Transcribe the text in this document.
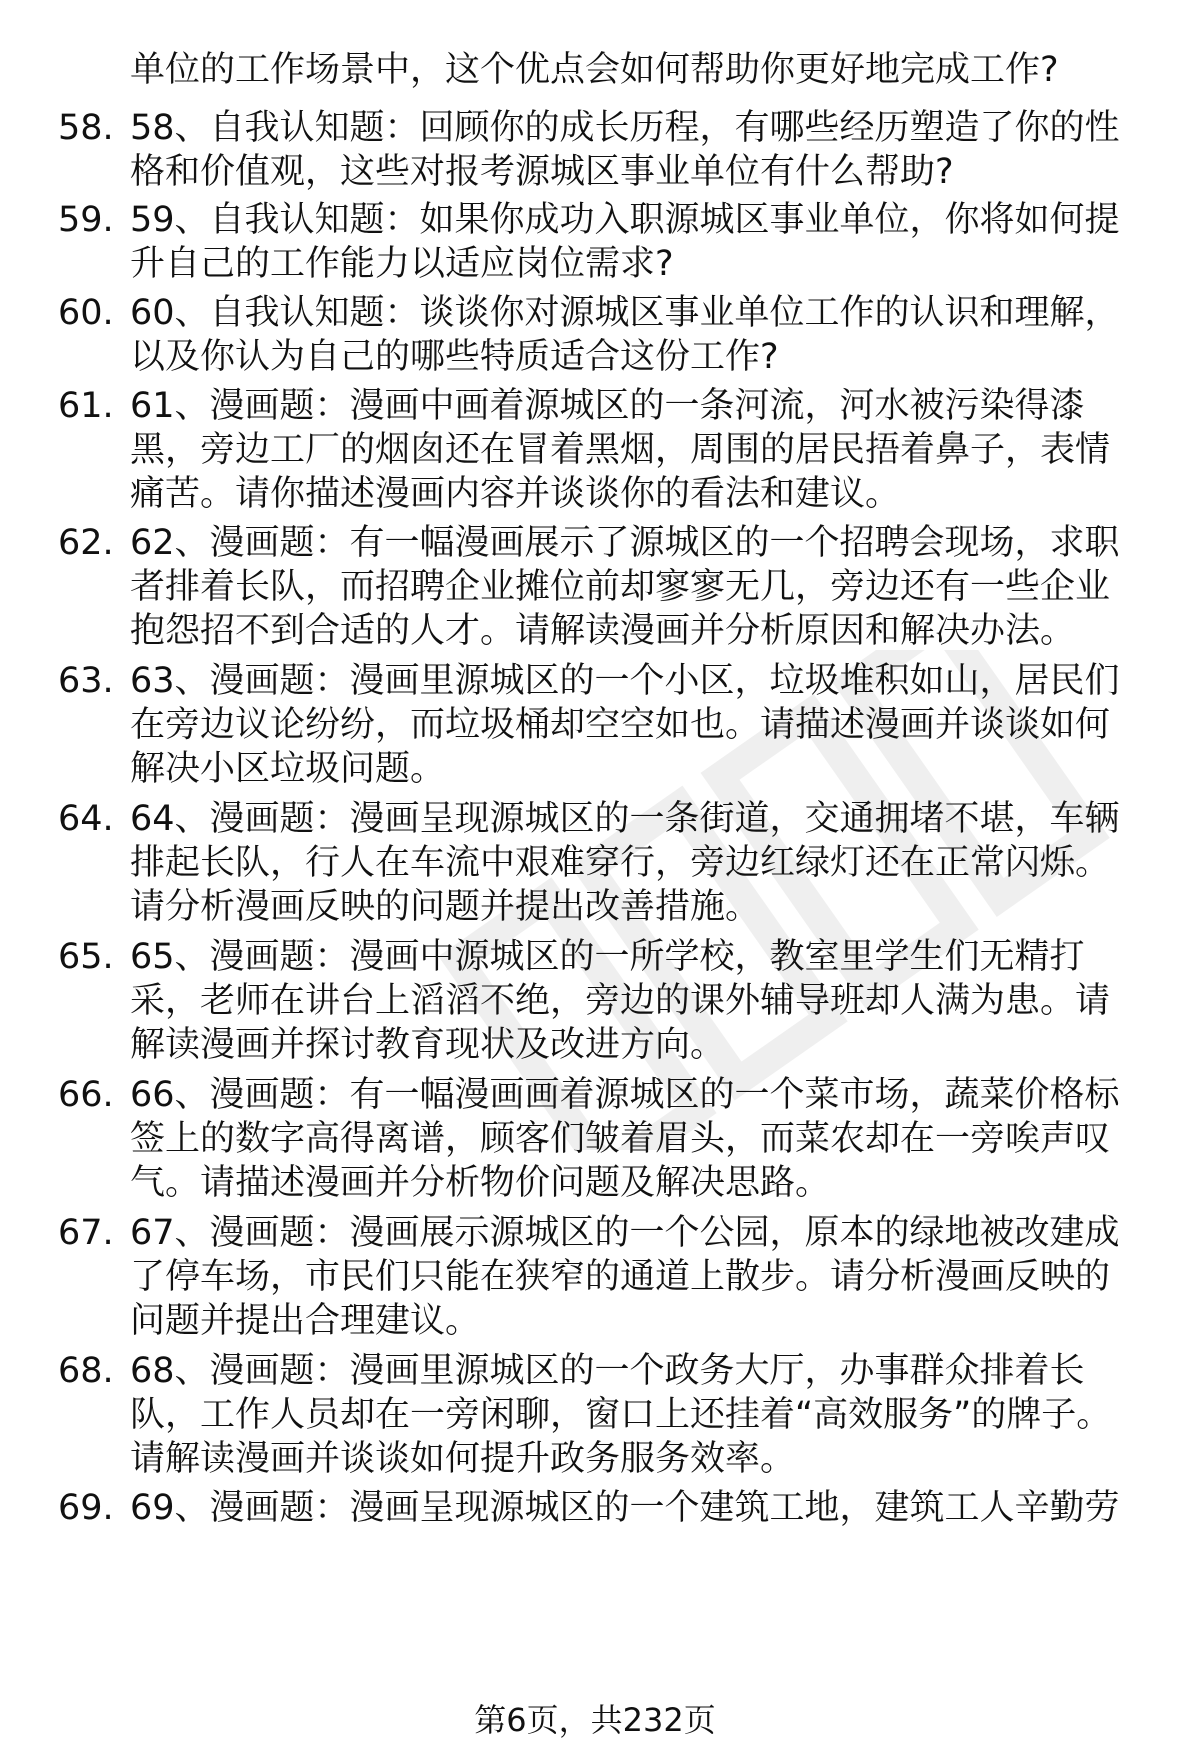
单位的工作场景中，这个优点会如何帮助你更好地完成工作?
58. 58、自我认知题：回顾你的成长历程，有哪些经历塑造了你的性
格和价值观，这些对报考源城区事业单位有什么帮助?
59. 59、自我认知题：如果你成功入职源城区事业单位，你将如何提
升自己的工作能力以适应岗位需求?
60. 60、自我认知题：谈谈你对源城区事业单位工作的认识和理解，
以及你认为自己的哪些特质适合这份工作?
61. 61、漫画题：漫画中画着源城区的一条河流，河水被污染得漆
黑，旁边工厂的烟囱还在冒着黑烟，周围的居民捂着鼻子，表情
痛苦。请你描述漫画内容并谈谈你的看法和建议。
62. 62、漫画题：有一幅漫画展示了源城区的一个招聘会现场，求职
者排着长队，而招聘企业摊位前却寥寥无几，旁边还有一些企业
抱怨招不到合适的人才。请解读漫画并分析原因和解决办法。
63. 63、漫画题：漫画里源城区的一个小区，垃圾堆积如山，居民们
在旁边议论纷纷，而垃圾桶却空空如也。请描述漫画并谈谈如何
解决小区垃圾问题。
64. 64、漫画题：漫画呈现源城区的一条街道，交通拥堵不堪，车辆
排起长队，行人在车流中艰难穿行，旁边红绿灯还在正常闪烁。
请分析漫画反映的问题并提出改善措施。
65. 65、漫画题：漫画中源城区的一所学校，教室里学生们无精打
采，老师在讲台上滔滔不绝，旁边的课外辅导班却人满为患。请
解读漫画并探讨教育现状及改进方向。
66. 66、漫画题：有一幅漫画画着源城区的一个菜市场，蔬菜价格标
签上的数字高得离谱，顾客们皱着眉头，而菜农却在一旁唉声叹
气。请描述漫画并分析物价问题及解决思路。
67. 67、漫画题：漫画展示源城区的一个公园，原本的绿地被改建成
了停车场，市民们只能在狭窄的通道上散步。请分析漫画反映的
问题并提出合理建议。
68. 68、漫画题：漫画里源城区的一个政务大厅，办事群众排着长
队，工作人员却在一旁闲聊，窗口上还挂着“高效服务”的牌子。
请解读漫画并谈谈如何提升政务服务效率。
69. 69、漫画题：漫画呈现源城区的一个建筑工地，建筑工人辛勤劳
第6页，共232页
